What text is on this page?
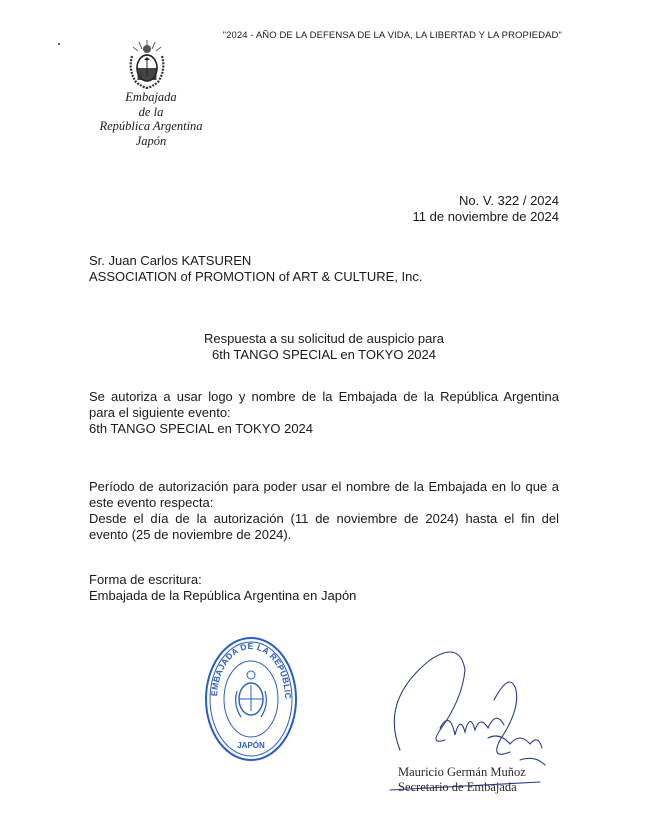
"2024 - AÑO DE LA DEFENSA DE LA VIDA, LA LIBERTAD Y LA PROPIEDAD"
Embajada
de la
República Argentina
Japón
No. V. 322 / 2024
11 de noviembre de 2024
Sr. Juan Carlos KATSUREN
ASSOCIATION of PROMOTION of ART & CULTURE, Inc.
Respuesta a su solicitud de auspicio para
6th TANGO SPECIAL en TOKYO 2024
Se autoriza a usar logo y nombre de la Embajada de la República Argentina
para el siguiente evento:
6th TANGO SPECIAL en TOKYO 2024
Período de autorización para poder usar el nombre de la Embajada en lo que a
este evento respecta:
Desde el día de la autorización (11 de noviembre de 2024) hasta el fin del
evento (25 de noviembre de 2024).
Forma de escritura:
Embajada de la República Argentina en Japón
EMBAJADA DE LA REPÚBLIC
JAPÓN
Mauricio Germán Muñoz
Secretario de Embajada
